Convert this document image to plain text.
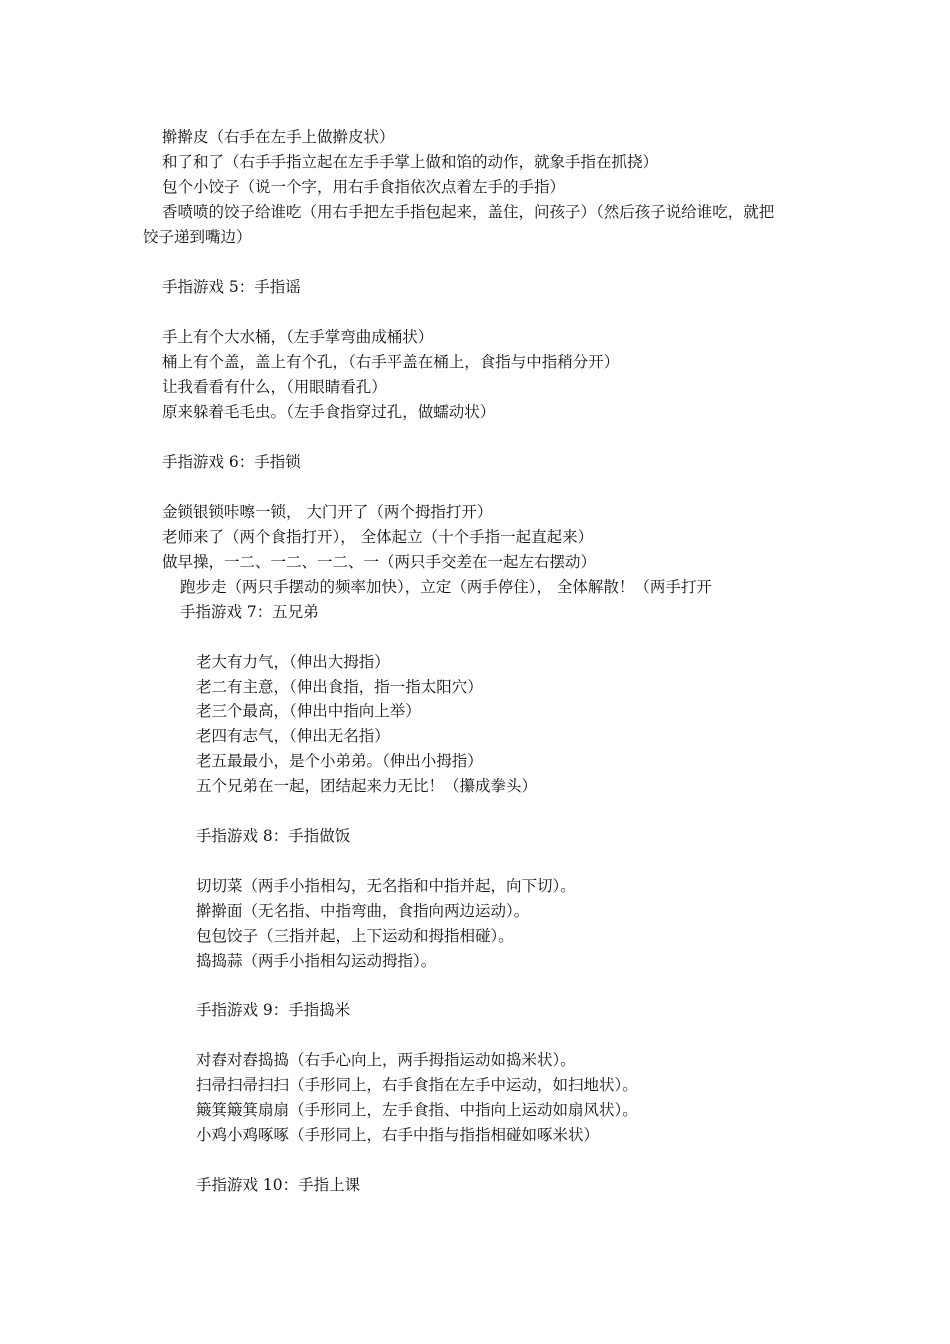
擀擀皮（右手在左手上做擀皮状）
和了和了（右手手指立起在左手手掌上做和馅的动作，就象手指在抓挠）
包个小饺子（说一个字，用右手食指依次点着左手的手指）
香喷喷的饺子给谁吃（用右手把左手指包起来，盖住，问孩子）（然后孩子说给谁吃，就把
饺子递到嘴边）
手指游戏 5：手指谣
手上有个大水桶，（左手掌弯曲成桶状）
桶上有个盖，盖上有个孔，（右手平盖在桶上，食指与中指稍分开）
让我看看有什么，（用眼睛看孔）
原来躲着毛毛虫。（左手食指穿过孔，做蠕动状）
手指游戏 6：手指锁
金锁银锁咔嚓一锁， 大门开了（两个拇指打开）
老师来了（两个食指打开）， 全体起立（十个手指一起直起来）
做早操，一二、一二、一二、一（两只手交差在一起左右摆动）
跑步走（两只手摆动的频率加快），立定（两手停住）， 全体解散！（两手打开
手指游戏 7：五兄弟
老大有力气，（伸出大拇指）
老二有主意，（伸出食指，指一指太阳穴）
老三个最高，（伸出中指向上举）
老四有志气，（伸出无名指）
老五最最小，是个小弟弟。（伸出小拇指）
五个兄弟在一起，团结起来力无比！（攥成拳头）
手指游戏 8：手指做饭
切切菜（两手小指相勾，无名指和中指并起，向下切）。
擀擀面（无名指、中指弯曲，食指向两边运动）。
包包饺子（三指并起，上下运动和拇指相碰）。
捣捣蒜（两手小指相勾运动拇指）。
手指游戏 9：手指捣米
对舂对舂捣捣（右手心向上，两手拇指运动如捣米状）。
扫帚扫帚扫扫（手形同上，右手食指在左手中运动，如扫地状）。
簸箕簸箕扇扇（手形同上，左手食指、中指向上运动如扇风状）。
小鸡小鸡啄啄（手形同上，右手中指与指指相碰如啄米状）
手指游戏 10：手指上课
